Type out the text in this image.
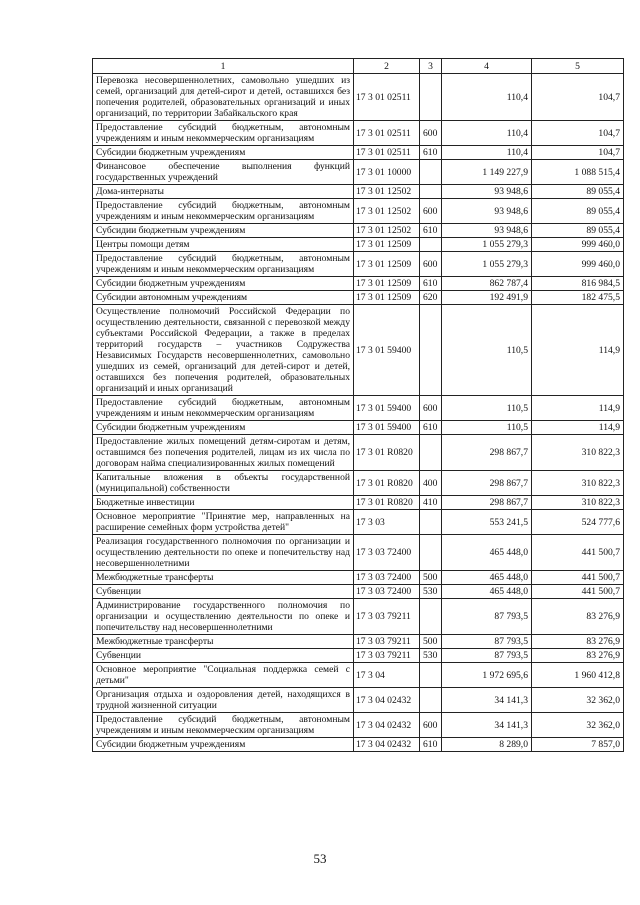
1	2	3	4	5
Перевозка несовершеннолетних, самовольно ушедших из семей, организаций для детей-сирот и детей, оставшихся без попечения родителей, образовательных организаций и иных организаций, по территории Забайкальского края	17 3 01 02511		110,4	104,7
Предоставление субсидий бюджетным, автономным учреждениям и иным некоммерческим организациям	17 3 01 02511	600	110,4	104,7
Субсидии бюджетным учреждениям	17 3 01 02511	610	110,4	104,7
Финансовое обеспечение выполнения функций государственных учреждений	17 3 01 10000		1 149 227,9	1 088 515,4
Дома-интернаты	17 3 01 12502		93 948,6	89 055,4
Предоставление субсидий бюджетным, автономным учреждениям и иным некоммерческим организациям	17 3 01 12502	600	93 948,6	89 055,4
Субсидии бюджетным учреждениям	17 3 01 12502	610	93 948,6	89 055,4
Центры помощи детям	17 3 01 12509		1 055 279,3	999 460,0
Предоставление субсидий бюджетным, автономным учреждениям и иным некоммерческим организациям	17 3 01 12509	600	1 055 279,3	999 460,0
Субсидии бюджетным учреждениям	17 3 01 12509	610	862 787,4	816 984,5
Субсидии автономным учреждениям	17 3 01 12509	620	192 491,9	182 475,5
Осуществление полномочий Российской Федерации по осуществлению деятельности, связанной с перевозкой между субъектами Российской Федерации, а также в пределах территорий государств – участников Содружества Независимых Государств несовершеннолетних, самовольно ушедших из семей, организаций для детей-сирот и детей, оставшихся без попечения родителей, образовательных организаций и иных организаций	17 3 01 59400		110,5	114,9
Предоставление субсидий бюджетным, автономным учреждениям и иным некоммерческим организациям	17 3 01 59400	600	110,5	114,9
Субсидии бюджетным учреждениям	17 3 01 59400	610	110,5	114,9
Предоставление жилых помещений детям-сиротам и детям, оставшимся без попечения родителей, лицам из их числа по договорам найма специализированных жилых помещений	17 3 01 R0820		298 867,7	310 822,3
Капитальные вложения в объекты государственной (муниципальной) собственности	17 3 01 R0820	400	298 867,7	310 822,3
Бюджетные инвестиции	17 3 01 R0820	410	298 867,7	310 822,3
Основное мероприятие "Принятие мер, направленных на расширение семейных форм устройства детей"	17 3 03		553 241,5	524 777,6
Реализация государственного полномочия по организации и осуществлению деятельности по опеке и попечительству над несовершеннолетними	17 3 03 72400		465 448,0	441 500,7
Межбюджетные трансферты	17 3 03 72400	500	465 448,0	441 500,7
Субвенции	17 3 03 72400	530	465 448,0	441 500,7
Администрирование государственного полномочия по организации и осуществлению деятельности по опеке и попечительству над несовершеннолетними	17 3 03 79211		87 793,5	83 276,9
Межбюджетные трансферты	17 3 03 79211	500	87 793,5	83 276,9
Субвенции	17 3 03 79211	530	87 793,5	83 276,9
Основное мероприятие "Социальная поддержка семей с детьми"	17 3 04		1 972 695,6	1 960 412,8
Организация отдыха и оздоровления детей, находящихся в трудной жизненной ситуации	17 3 04 02432		34 141,3	32 362,0
Предоставление субсидий бюджетным, автономным учреждениям и иным некоммерческим организациям	17 3 04 02432	600	34 141,3	32 362,0
Субсидии бюджетным учреждениям	17 3 04 02432	610	8 289,0	7 857,0
53
